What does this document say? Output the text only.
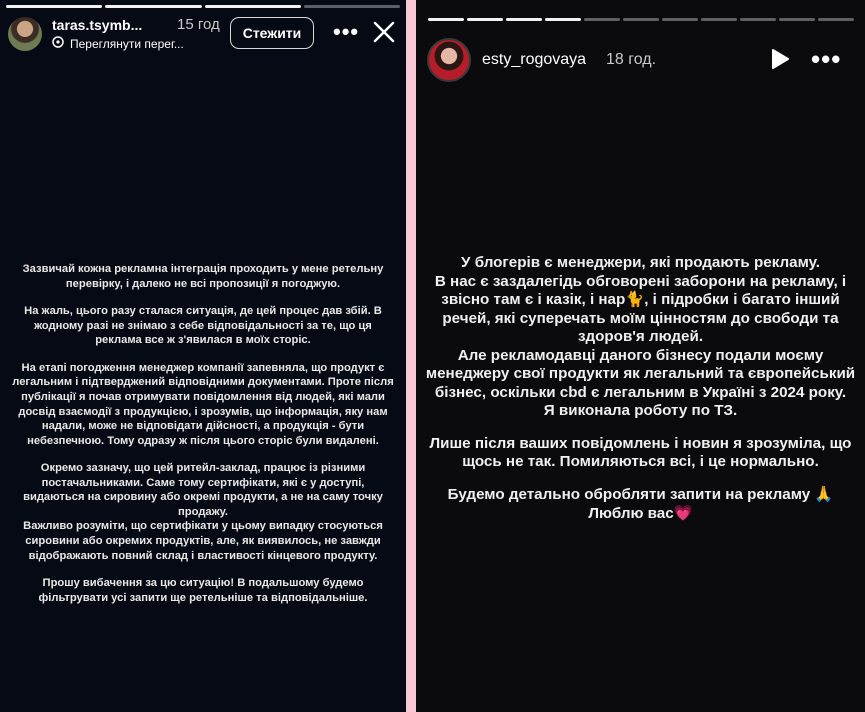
taras.tsymb... 15 год
Переглянути перег...
Стежити	•••

Зазвичай кожна рекламна інтеграція проходить у мене ретельну перевірку, і далеко не всі пропозиції я погоджую.

На жаль, цього разу сталася ситуація, де цей процес дав збій. В жодному разі не знімаю з себе відповідальності за те, що ця реклама все ж з'явилася в моїх сторіс.

На етапі погодження менеджер компанії запевняла, що продукт є легальним і підтверджений відповідними документами. Проте після публікації я почав отримувати повідомлення від людей, які мали досвід взаємодії з продукцією, і зрозумів, що інформація, яку нам надали, може не відповідати дійсності, а продукція - бути небезпечною. Тому одразу ж після цього сторіс були видалені.

Окремо зазначу, що цей ритейл-заклад, працює із різними постачальниками. Саме тому сертифікати, які є у доступі, видаються на сировину або окремі продукти, а не на саму точку продажу.
Важливо розуміти, що сертифікати у цьому випадку стосуються сировини або окремих продуктів, але, як виявилось, не завжди відображають повний склад і властивості кінцевого продукту.

Прошу вибачення за цю ситуацію! В подальшому будемо фільтрувати усі запити ще ретельніше та відповідальніше.

esty_rogovaya 18 год.	•••

У блогерів є менеджери, які продають рекламу.
В нас є заздалегідь обговорені заборони на рекламу, і звісно там є і казік, і нар🐈, і підробки і багато інший речей, які суперечать моїм цінностям до свободи та здоров'я людей.
Але рекламодавці даного бізнесу подали моєму менеджеру свої продукти як легальний та європейський бізнес, оскільки cbd є легальним в Україні з 2024 року.
Я виконала роботу по ТЗ.

Лише після ваших повідомлень і новин я зрозуміла, що щось не так. Помиляються всі, і це нормально.

Будемо детально обробляти запити на рекламу 🙏
Люблю вас💗
